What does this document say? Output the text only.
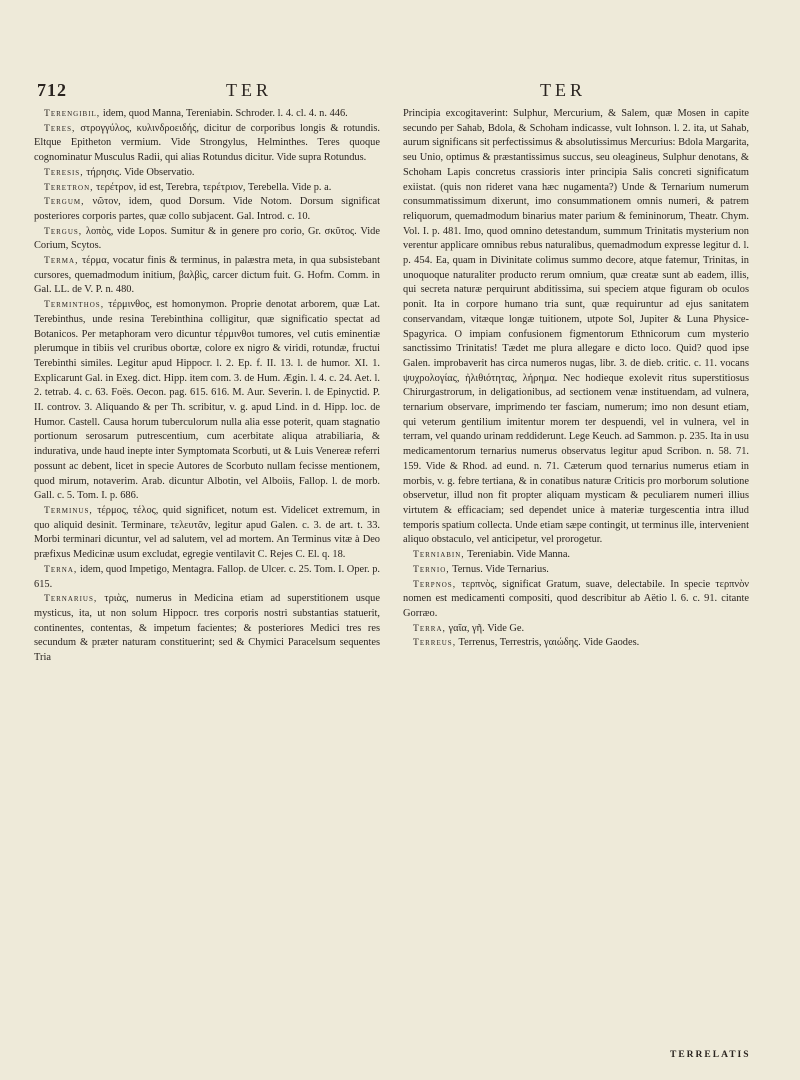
712	TER	TER

Terengibil, idem, quod Manna, Tereniabin. Schroder. l. 4. cl. 4. n. 446.

Teres, στρογγύλος, κυλινδροειδής, dicitur de corporibus longis & rotundis. Eltque Epitheton vermium. Vide Strongylus, Helminthes. Teres quoque cognominatur Musculus Radii, qui alias Rotundus dicitur. Vide supra Rotundus.

Teresis, τήρησις. Vide Observatio.

Teretron, τερέτρον, id est, Terebra, τερέτριον, Terebella. Vide p. a.

Tergum, νῶτον, idem, quod Dorsum. Vide Notom. Dorsum significat posteriores corporis partes, quæ collo subjacent. Gal. Introd. c. 10.

Tergus, λοπὸς, vide Lopos. Sumitur & in genere pro corio, Gr. σκῦτος. Vide Corium, Scytos.

Terma, τέρμα, vocatur finis & terminus, in palæstra meta, in qua subsistebant cursores, quemadmodum initium, βαλβὶς, carcer dictum fuit. G. Hofm. Comm. in Gal. LL. de V. P. n. 480.

Terminthos, τέρμινθος, est homonymon. Proprie denotat arborem, quæ Lat. Terebinthus, unde resina Terebinthina colligitur, quæ significatio spectat ad Botanicos. Per metaphoram vero dicuntur τέρμινθοι tumores, vel cutis eminentiæ plerumque in tibiis vel cruribus obortæ, colore ex nigro & viridi, rotundæ, fructui Terebinthi similes. Legitur apud Hippocr. l. 2. Ep. f. II. 13. l. de humor. XI. 1. Explicarunt Gal. in Exeg. dict. Hipp. item com. 3. de Hum. Ægin. l. 4. c. 24. Aet. l. 2. tetrab. 4. c. 63. Foës. Oecon. pag. 615. 616. M. Aur. Severin. l. de Epinyctid. P. II. controv. 3. Aliquando & per Th. scribitur, v. g. apud Lind. in d. Hipp. loc. de Humor. Castell. Causa horum tuberculorum nulla alia esse poterit, quam stagnatio portionum serosarum putrescentium, cum acerbitate aliqua atrabiliaria, & indurativa, unde haud inepte inter Symptomata Scorbuti, ut & Luis Venereæ referri possunt ac debent, licet in specie Autores de Scorbuto nullam fecisse mentionem, quod mirum, notaverim. Arab. dicuntur Albotin, vel Alboiis, Fallop. l. de morb. Gall. c. 5. Tom. I. p. 686.

Terminus, τέρμος, τέλος, quid significet, notum est. Videlicet extremum, in quo aliquid desinit. Terminare, τελευτᾶν, legitur apud Galen. c. 3. de art. t. 33. Morbi terminari dicuntur, vel ad salutem, vel ad mortem. An Terminus vitæ à Deo præfixus Medicinæ usum excludat, egregie ventilavit C. Rejes C. El. q. 18.

Terna, idem, quod Impetigo, Mentagra. Fallop. de Ulcer. c. 25. Tom. I. Oper. p. 615.

Ternarius, τριὰς, numerus in Medicina etiam ad superstitionem usque mysticus, ita, ut non solum Hippocr. tres corporis nostri substantias statuerit, continentes, contentas, & impetum facientes; & posteriores Medici tres res secundum & præter naturam constituerint; sed & Chymici Paracelsum sequentes Tria

Principia excogitaverint: Sulphur, Mercurium, & Salem, quæ Mosen in capite secundo per Sahab, Bdola, & Schoham indicasse, vult Iohnson. l. 2. ita, ut Sahab, aurum significans sit perfectissimus & absolutissimus Mercurius: Bdola Margarita, seu Unio, optimus & præstantissimus succus, seu oleagineus, Sulphur denotans, & Schoham Lapis concretus crassioris inter principia Salis concreti significatum exiistat. (quis non rideret vana hæc nugamenta?) Unde & Ternarium numerum consummatissimum dixerunt, imo consummationem omnis numeri, & patrem reliquorum, quemadmodum binarius mater parium & femininorum, Theatr. Chym. Vol. I. p. 481. Imo, quod omnino detestandum, summum Trinitatis mysterium non verentur applicare omnibus rebus naturalibus, quemadmodum expresse legitur d. l. p. 454. Ea, quam in Divinitate colimus summo decore, atque fatemur, Trinitas, in unoquoque naturaliter producto rerum omnium, quæ creatæ sunt ab eadem, illis, qui secreta naturæ perquirunt abditissima, sui speciem atque figuram ob oculos ponit. Ita in corpore humano tria sunt, quæ requiruntur ad ejus sanitatem conservandam, vitæque longæ tuitionem, utpote Sol, Jupiter & Luna Physice-Spagyrica. O impiam confusionem figmentorum Ethnicorum cum mysterio sanctissimo Trinitatis! Tædet me plura allegare e dicto loco. Quid? quod ipse Galen. improbaverit has circa numeros nugas, libr. 3. de dieb. critic. c. 11. vocans ψυχρολογίας, ἠλιθιότητας, λήρημα. Nec hodieque exolevit ritus superstitiosus Chirurgastrorum, in deligationibus, ad sectionem venæ instituendam, ad vulnera, ternarium observare, imprimendo ter fasciam, numerum; imo non desunt etiam, qui veterum gentilium imitentur morem ter despuendi, vel in vulnera, vel in terram, vel quando urinam reddiderunt. Lege Keuch. ad Sammon. p. 235. Ita in usu medicamentorum ternarius numerus observatus legitur apud Scribon. n. 58. 71. 159. Vide & Rhod. ad eund. n. 71. Cæterum quod ternarius numerus etiam in morbis, v. g. febre tertiana, & in conatibus naturæ Criticis pro morborum solutione observetur, illud non fit propter aliquam mysticam & peculiarem numeri illius virtutem & efficaciam; sed dependet unice à materiæ turgescentia intra illud temporis spatium collecta. Unde etiam sæpe contingit, ut terminus ille, intervenient aliquo obstaculo, vel anticipetur, vel prorogetur.

Terniabin, Tereniabin. Vide Manna.

Ternio, Ternus. Vide Ternarius.

Terpnos, τερπνὸς, significat Gratum, suave, delectabile. In specie τερπνὸν nomen est medicamenti compositi, quod describitur ab Aëtio l. 6. c. 91. citante Gorræo.

Terra, γαῖα, γῆ. Vide Ge.

Terreus, Terrenus, Terrestris, γαιώδης. Vide Gaodes.

TERRELATIS
